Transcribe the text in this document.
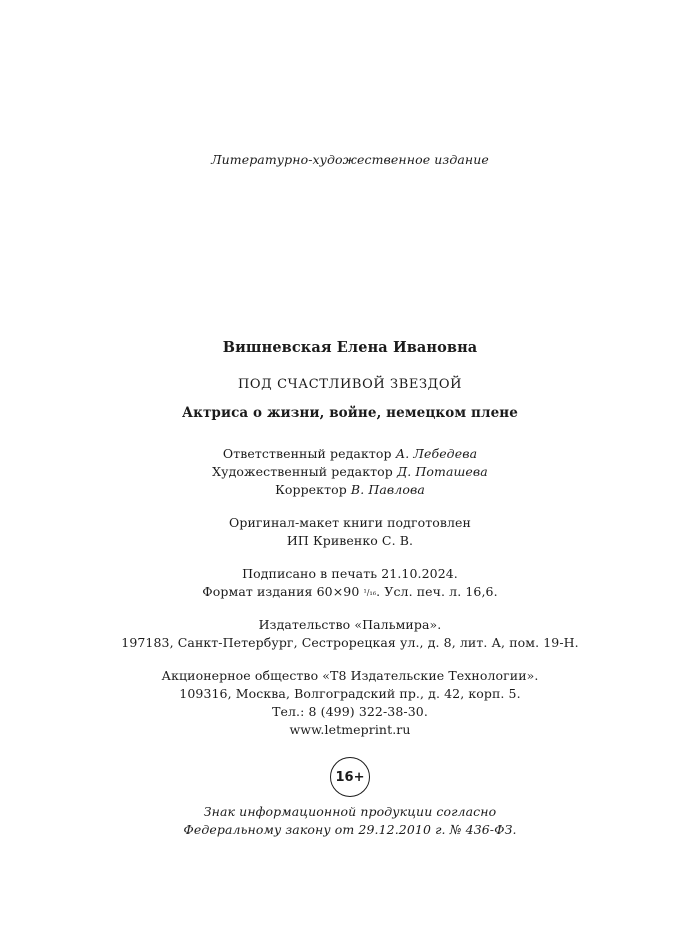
Литературно-художественное издание
Вишневская Елена Ивановна
ПОД СЧАСТЛИВОЙ ЗВЕЗДОЙ
Актриса о жизни, войне, немецком плене
Ответственный редактор А. Лебедева
Художественный редактор Д. Поташева
Корректор В. Павлова
Оригинал-макет книги подготовлен
ИП Кривенко С. В.
Подписано в печать 21.10.2024.
Формат издания 60×90 ¹/₁₆. Усл. печ. л. 16,6.
Издательство «Пальмира».
197183, Санкт-Петербург, Сестрорецкая ул., д. 8, лит. А, пом. 19-Н.
Акционерное общество «Т8 Издательские Технологии».
109316, Москва, Волгоградский пр., д. 42, корп. 5.
Тел.: 8 (499) 322-38-30.
www.letmeprint.ru
16+
Знак информационной продукции согласно
Федеральному закону от 29.12.2010 г. № 436-ФЗ.
